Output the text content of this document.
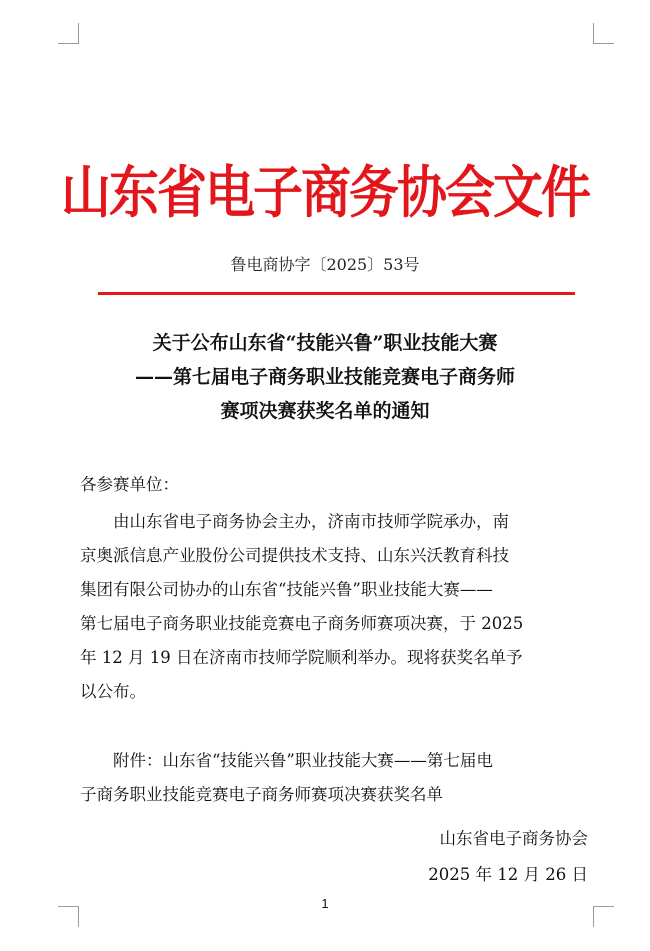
山东省电子商务协会文件
鲁电商协字〔2025〕53号
关于公布山东省“技能兴鲁”职业技能大赛
——第七届电子商务职业技能竞赛电子商务师
赛项决赛获奖名单的通知
各参赛单位：
由山东省电子商务协会主办，济南市技师学院承办，南
京奥派信息产业股份公司提供技术支持、山东兴沃教育科技
集团有限公司协办的山东省“技能兴鲁”职业技能大赛——
第七届电子商务职业技能竞赛电子商务师赛项决赛，于 2025
年 12 月 19 日在济南市技师学院顺利举办。现将获奖名单予
以公布。
附件：山东省“技能兴鲁”职业技能大赛——第七届电
子商务职业技能竞赛电子商务师赛项决赛获奖名单
山东省电子商务协会
2025 年 12 月 26 日
1
